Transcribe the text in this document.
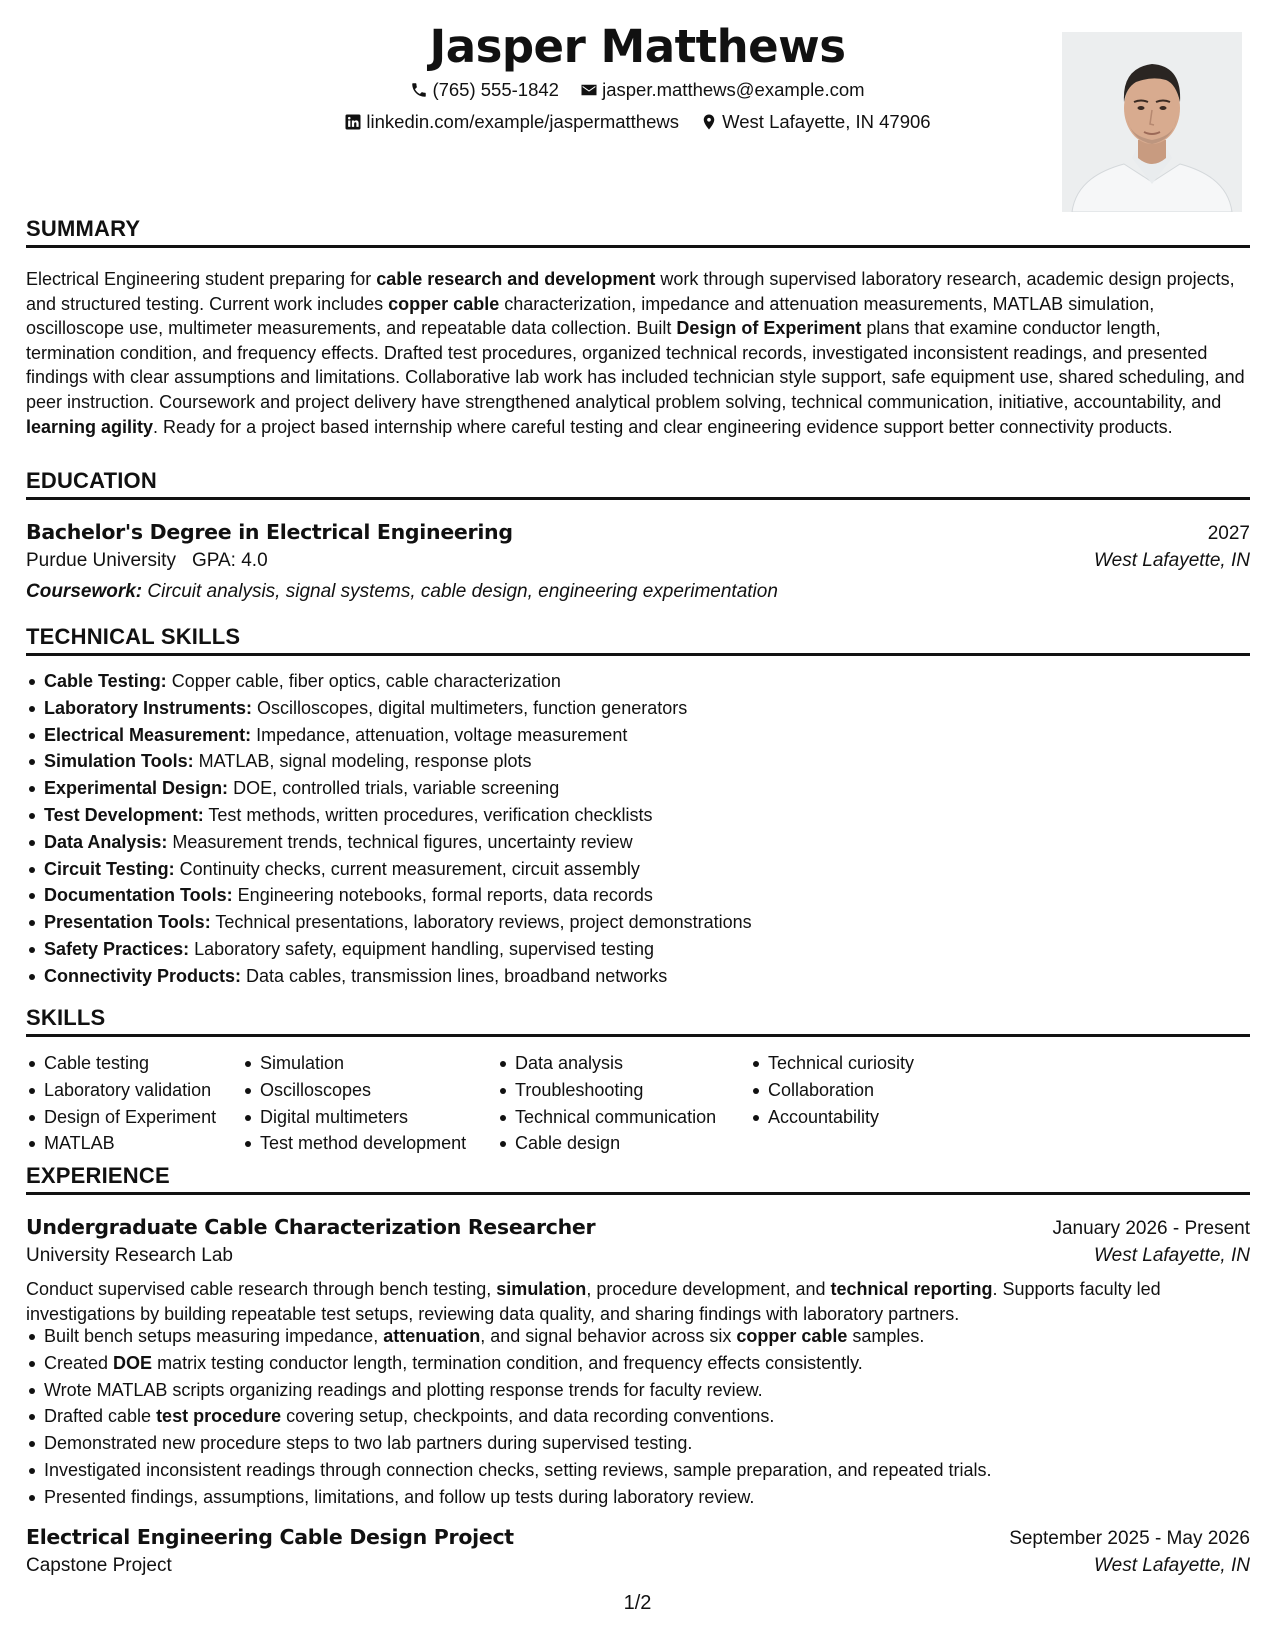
Jasper Matthews
(765) 555-1842
jasper.matthews@example.com
linkedin.com/example/jaspermatthews
West Lafayette, IN 47906
SUMMARY
Electrical Engineering student preparing for cable research and development work through supervised laboratory research, academic design projects, and structured testing. Current work includes copper cable characterization, impedance and attenuation measurements, MATLAB simulation, oscilloscope use, multimeter measurements, and repeatable data collection. Built Design of Experiment plans that examine conductor length, termination condition, and frequency effects. Drafted test procedures, organized technical records, investigated inconsistent readings, and presented findings with clear assumptions and limitations. Collaborative lab work has included technician style support, safe equipment use, shared scheduling, and peer instruction. Coursework and project delivery have strengthened analytical problem solving, technical communication, initiative, accountability, and learning agility. Ready for a project based internship where careful testing and clear engineering evidence support better connectivity products.
EDUCATION
Bachelor's Degree in Electrical Engineering	2027
Purdue University GPA: 4.0	West Lafayette, IN
Coursework: Circuit analysis, signal systems, cable design, engineering experimentation
TECHNICAL SKILLS
Cable Testing: Copper cable, fiber optics, cable characterization
Laboratory Instruments: Oscilloscopes, digital multimeters, function generators
Electrical Measurement: Impedance, attenuation, voltage measurement
Simulation Tools: MATLAB, signal modeling, response plots
Experimental Design: DOE, controlled trials, variable screening
Test Development: Test methods, written procedures, verification checklists
Data Analysis: Measurement trends, technical figures, uncertainty review
Circuit Testing: Continuity checks, current measurement, circuit assembly
Documentation Tools: Engineering notebooks, formal reports, data records
Presentation Tools: Technical presentations, laboratory reviews, project demonstrations
Safety Practices: Laboratory safety, equipment handling, supervised testing
Connectivity Products: Data cables, transmission lines, broadband networks
SKILLS
Cable testing
Laboratory validation
Design of Experiment
MATLAB
Simulation
Oscilloscopes
Digital multimeters
Test method development
Data analysis
Troubleshooting
Technical communication
Cable design
Technical curiosity
Collaboration
Accountability
EXPERIENCE
Undergraduate Cable Characterization Researcher	January 2026 - Present
University Research Lab	West Lafayette, IN
Conduct supervised cable research through bench testing, simulation, procedure development, and technical reporting. Supports faculty led investigations by building repeatable test setups, reviewing data quality, and sharing findings with laboratory partners.
Built bench setups measuring impedance, attenuation, and signal behavior across six copper cable samples.
Created DOE matrix testing conductor length, termination condition, and frequency effects consistently.
Wrote MATLAB scripts organizing readings and plotting response trends for faculty review.
Drafted cable test procedure covering setup, checkpoints, and data recording conventions.
Demonstrated new procedure steps to two lab partners during supervised testing.
Investigated inconsistent readings through connection checks, setting reviews, sample preparation, and repeated trials.
Presented findings, assumptions, limitations, and follow up tests during laboratory review.
Electrical Engineering Cable Design Project	September 2025 - May 2026
Capstone Project	West Lafayette, IN
1/2
